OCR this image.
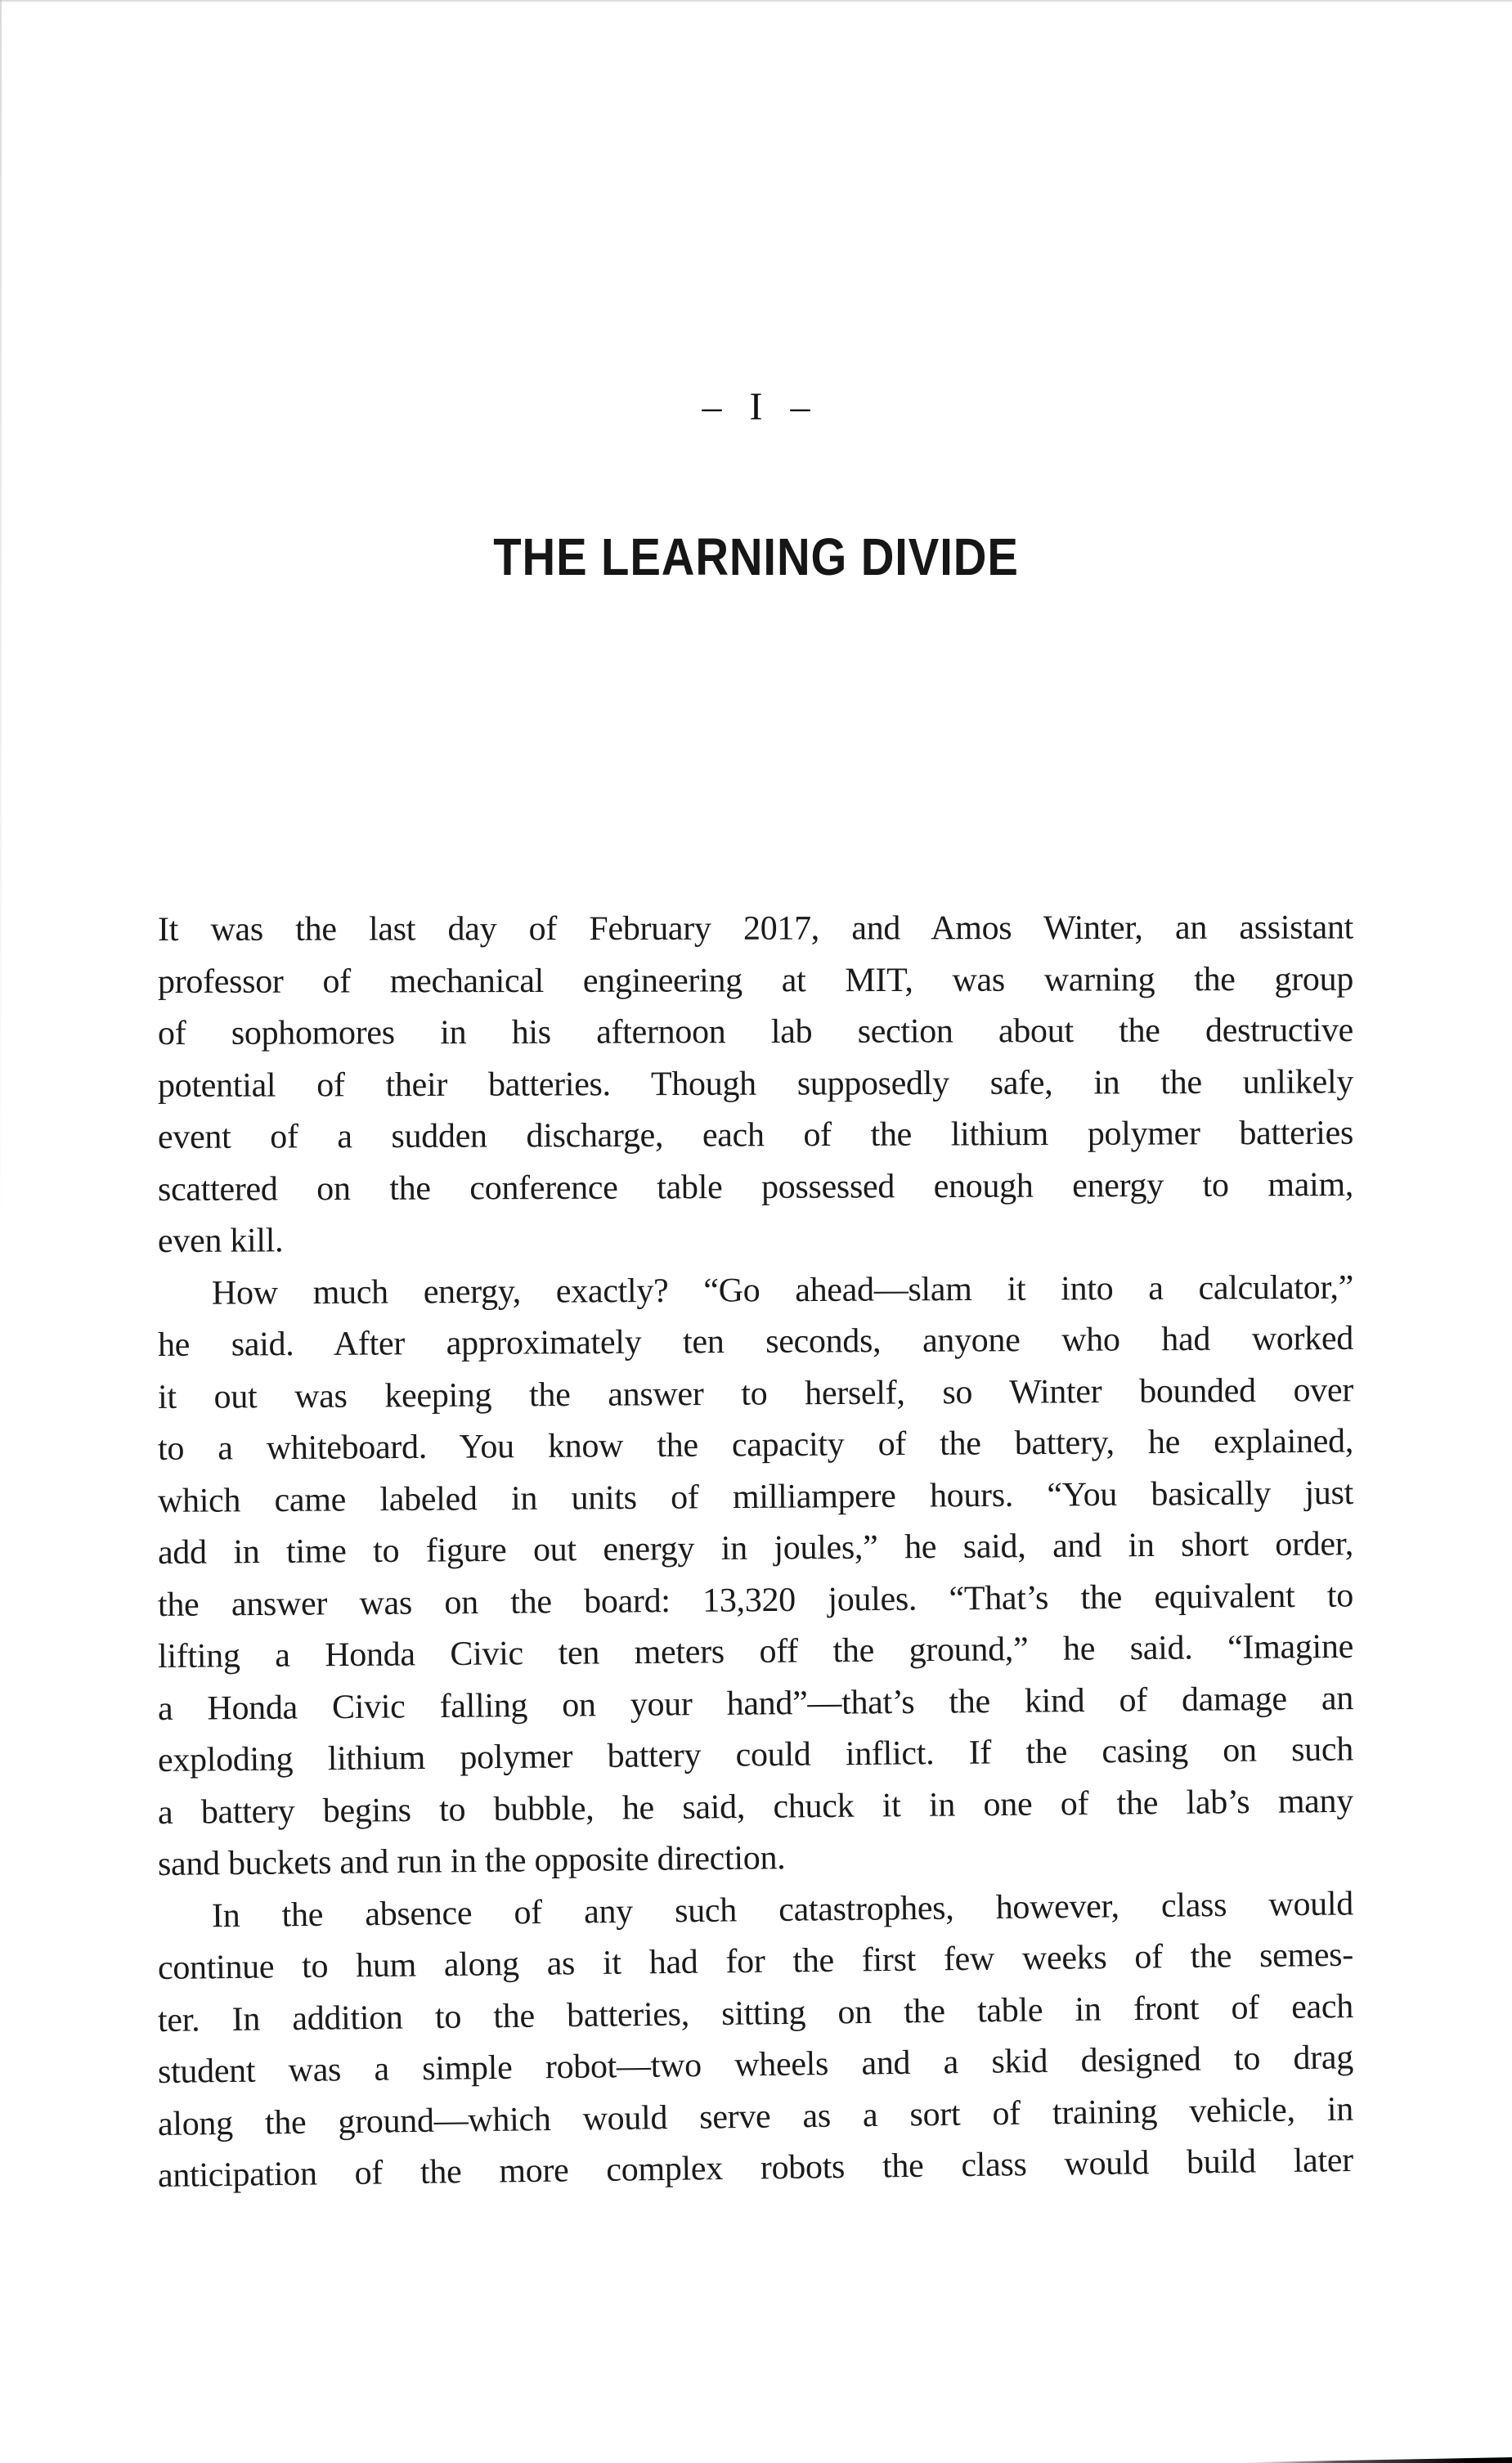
– I –
THE LEARNING DIVIDE
It was the last day of February 2017, and Amos Winter, an assistant
professor of mechanical engineering at MIT, was warning the group
of sophomores in his afternoon lab section about the destructive
potential of their batteries. Though supposedly safe, in the unlikely
event of a sudden discharge, each of the lithium polymer batteries
scattered on the conference table possessed enough energy to maim,
even kill.
How much energy, exactly? “Go ahead—slam it into a calculator,”
he said. After approximately ten seconds, anyone who had worked
it out was keeping the answer to herself, so Winter bounded over
to a whiteboard. You know the capacity of the battery, he explained,
which came labeled in units of milliampere hours. “You basically just
add in time to figure out energy in joules,” he said, and in short order,
the answer was on the board: 13,320 joules. “That’s the equivalent to
lifting a Honda Civic ten meters off the ground,” he said. “Imagine
a Honda Civic falling on your hand”—that’s the kind of damage an
exploding lithium polymer battery could inflict. If the casing on such
a battery begins to bubble, he said, chuck it in one of the lab’s many
sand buckets and run in the opposite direction.
In the absence of any such catastrophes, however, class would
continue to hum along as it had for the first few weeks of the semes-
ter. In addition to the batteries, sitting on the table in front of each
student was a simple robot—two wheels and a skid designed to drag
along the ground—which would serve as a sort of training vehicle, in
anticipation of the more complex robots the class would build later
